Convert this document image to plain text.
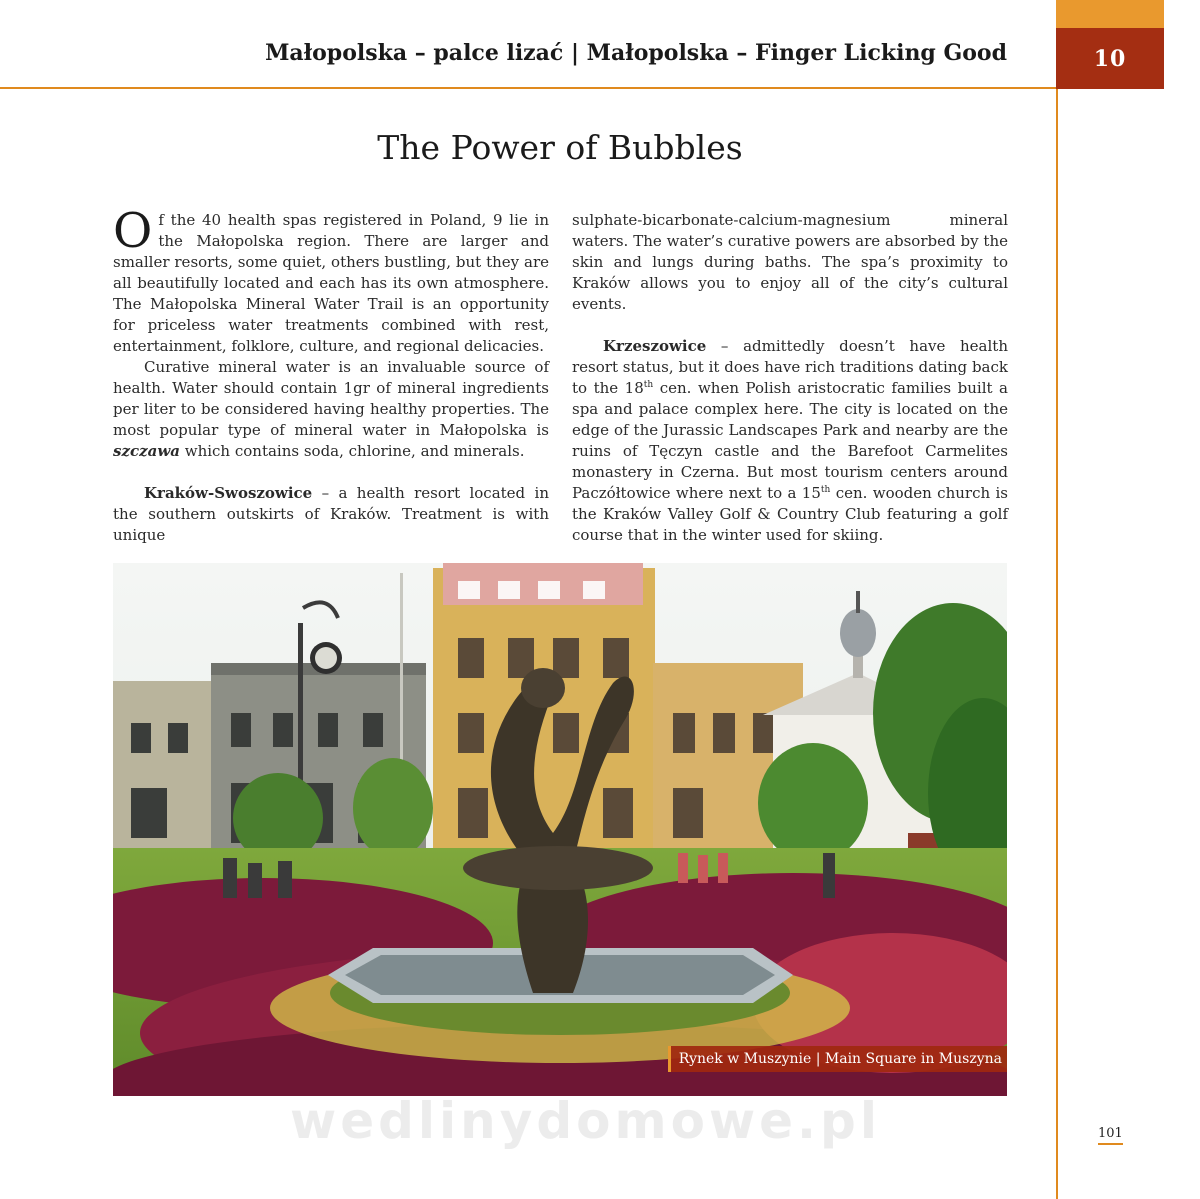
Małopolska – palce lizać | Małopolska – Finger Licking Good	10
The Power of Bubbles

Of the 40 health spas registered in Poland, 9 lie in the Małopolska region. There are larger and smaller resorts, some quiet, others bustling, but they are all beautifully located and each has its own atmosphere. The Małopolska Mineral Water Trail is an opportunity for priceless water treatments combined with rest, entertainment, folklore, culture, and regional delicacies.

Curative mineral water is an invaluable source of health. Water should contain 1gr of mineral ingredients per liter to be considered having healthy properties. The most popular type of mineral water in Małopolska is szczawa which contains soda, chlorine, and minerals.

Kraków-Swoszowice – a health resort located in the southern outskirts of Kraków. Treatment is with unique

sulphate-bicarbonate-calcium-magnesium mineral waters. The water’s curative powers are absorbed by the skin and lungs during baths. The spa’s proximity to Kraków allows you to enjoy all of the city’s cultural events.

Krzeszowice – admittedly doesn’t have health resort status, but it does have rich traditions dating back to the 18th cen. when Polish aristocratic families built a spa and palace complex here. The city is located on the edge of the Jurassic Landscapes Park and nearby are the ruins of Tęczyn castle and the Barefoot Carmelites monastery in Czerna. But most tourism centers around Paczółtowice where next to a 15th cen. wooden church is the Kraków Valley Golf & Country Club featuring a golf course that in the winter used for skiing.

Rynek w Muszynie | Main Square in Muszyna
wedlinydomowe.pl	101
